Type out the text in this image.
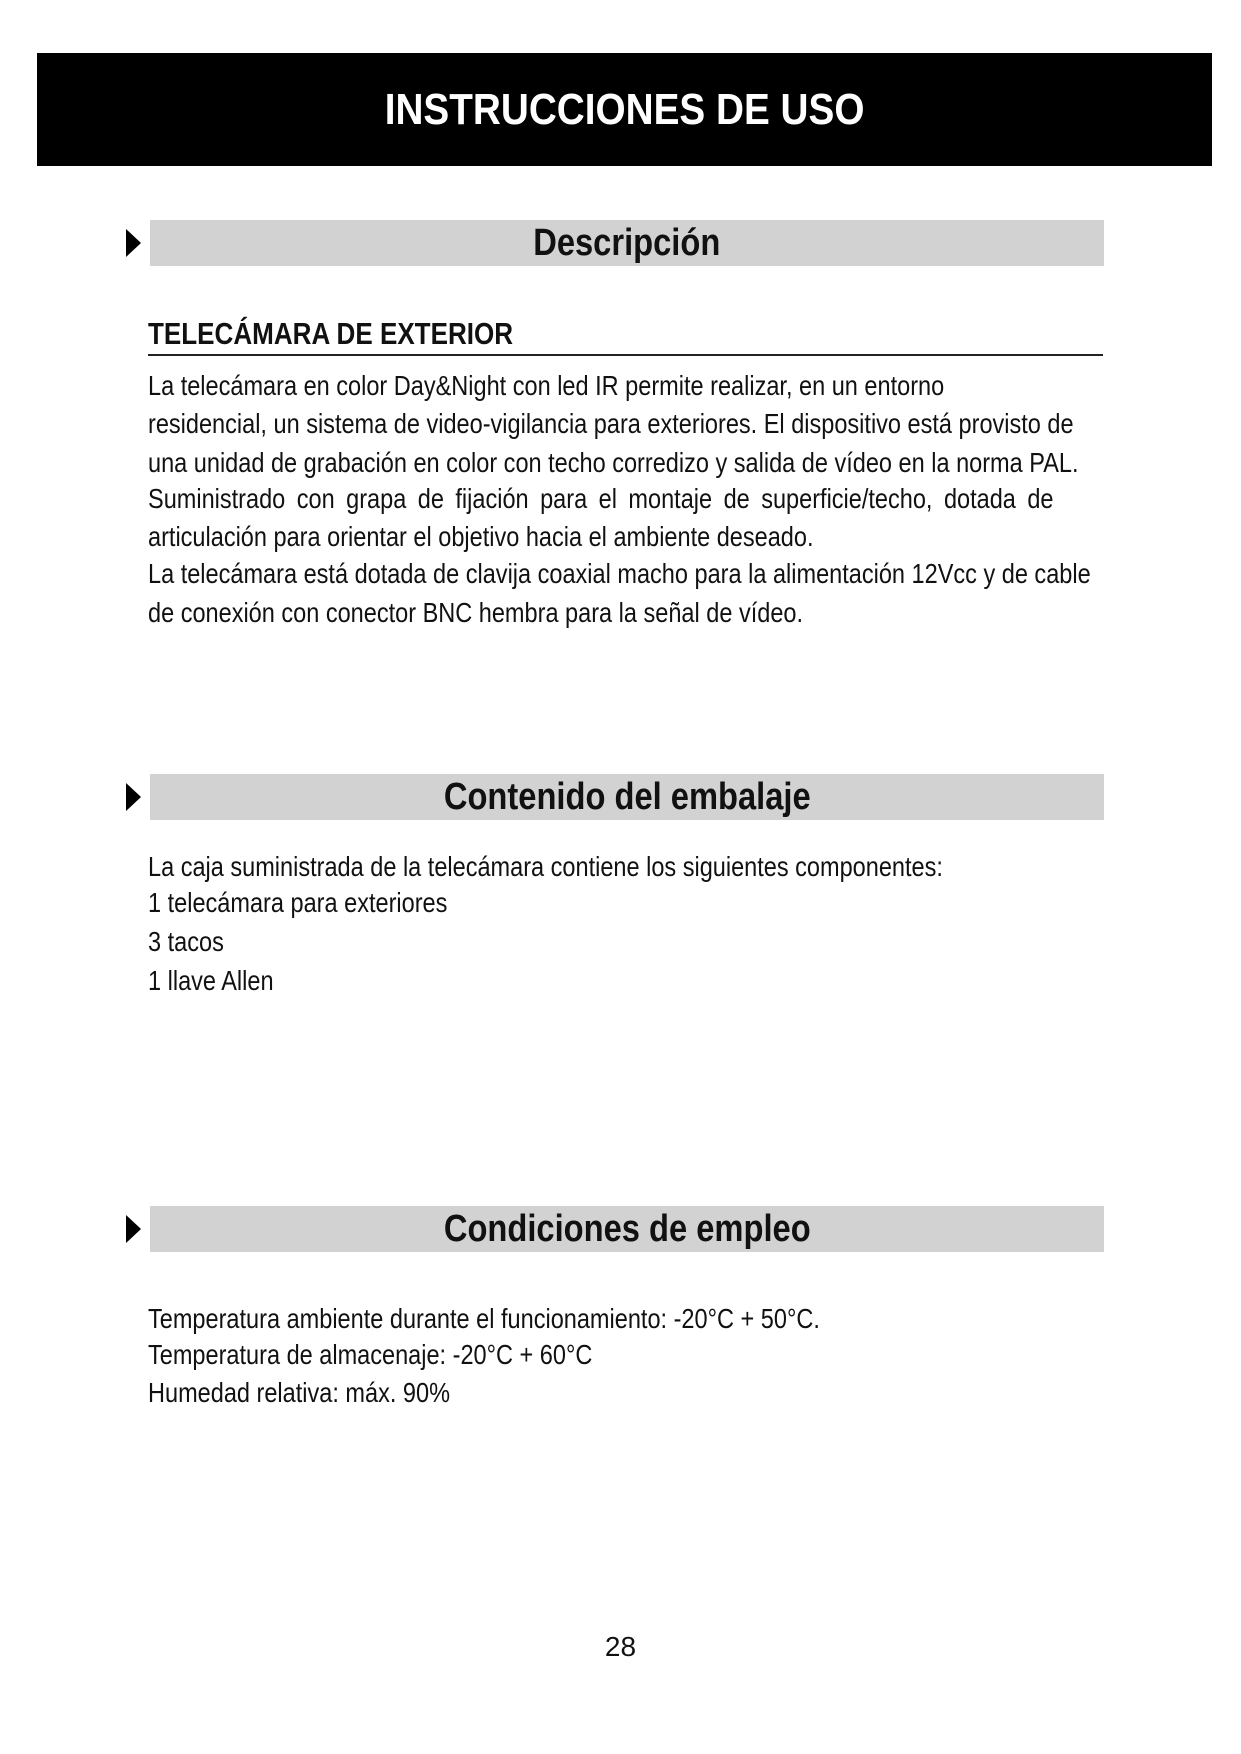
INSTRUCCIONES DE USO
Descripción
TELECÁMARA DE EXTERIOR
La telecámara en color Day&Night con led IR permite realizar, en un entorno
residencial, un sistema de video-vigilancia para exteriores. El dispositivo está provisto de
una unidad de grabación en color con techo corredizo y salida de vídeo en la norma PAL.
Suministrado con grapa de fijación para el montaje de superficie/techo, dotada de
articulación para orientar el objetivo hacia el ambiente deseado.
La telecámara está dotada de clavija coaxial macho para la alimentación 12Vcc y de cable
de conexión con conector BNC hembra para la señal de vídeo.
Contenido del embalaje
La caja suministrada de la telecámara contiene los siguientes componentes:
1 telecámara para exteriores
3 tacos
1 llave Allen
Condiciones de empleo
Temperatura ambiente durante el funcionamiento: -20°C + 50°C.
Temperatura de almacenaje: -20°C + 60°C
Humedad relativa: máx. 90%
28
